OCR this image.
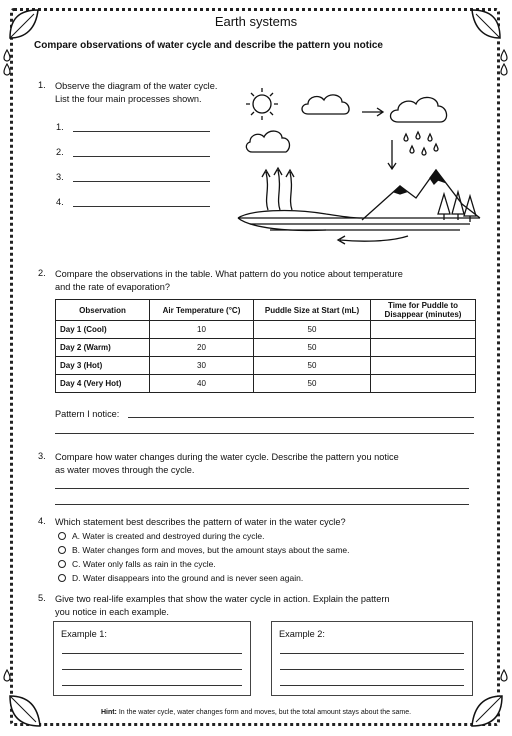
Earth systems
Compare observations of water cycle and describe the pattern you notice
1. Observe the diagram of the water cycle.
List the four main processes shown.
1.
2.
3.
4.
2. Compare the observations in the table. What pattern do you notice about temperature
and the rate of evaporation?
Observation	Air Temperature (°C)	Puddle Size at Start (mL)	Time for Puddle to Disappear (minutes)
Day 1 (Cool)	10	50	
Day 2 (Warm)	20	50	
Day 3 (Hot)	30	50	
Day 4 (Very Hot)	40	50	
Pattern I notice:
3. Compare how water changes during the water cycle. Describe the pattern you notice
as water moves through the cycle.
4. Which statement best describes the pattern of water in the water cycle?
A. Water is created and destroyed during the cycle.
B. Water changes form and moves, but the amount stays about the same.
C. Water only falls as rain in the cycle.
D. Water disappears into the ground and is never seen again.
5. Give two real-life examples that show the water cycle in action. Explain the pattern
you notice in each example.
Example 1:	Example 2:
Hint: In the water cycle, water changes form and moves, but the total amount stays about the same.
